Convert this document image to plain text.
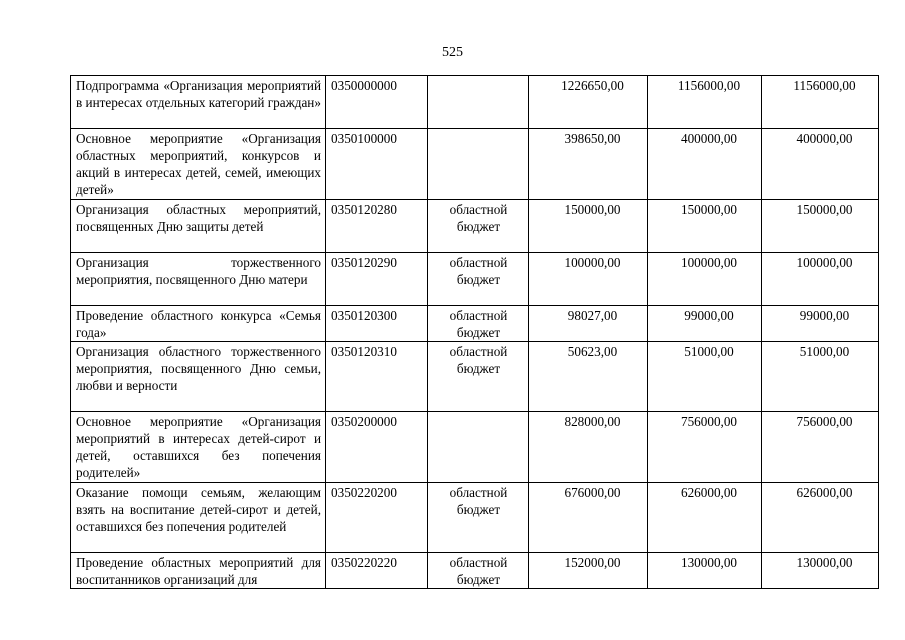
525
Подпрограмма «Организация мероприятий в интересах отдельных категорий граждан»	0350000000		1226650,00	1156000,00	1156000,00
Основное мероприятие «Организация областных мероприятий, конкурсов и акций в интересах детей, семей, имеющих детей»	0350100000		398650,00	400000,00	400000,00
Организация областных мероприятий, посвященных Дню защиты детей	0350120280	областной бюджет	150000,00	150000,00	150000,00
Организация торжественного мероприятия, посвященного Дню матери	0350120290	областной бюджет	100000,00	100000,00	100000,00
Проведение областного конкурса «Семья года»	0350120300	областной бюджет	98027,00	99000,00	99000,00
Организация областного торжественного мероприятия, посвященного Дню семьи, любви и верности	0350120310	областной бюджет	50623,00	51000,00	51000,00
Основное мероприятие «Организация мероприятий в интересах детей-сирот и детей, оставшихся без попечения родителей»	0350200000		828000,00	756000,00	756000,00
Оказание помощи семьям, желающим взять на воспитание детей-сирот и детей, оставшихся без попечения родителей	0350220200	областной бюджет	676000,00	626000,00	626000,00
Проведение областных мероприятий для воспитанников организаций для	0350220220	областной бюджет	152000,00	130000,00	130000,00
